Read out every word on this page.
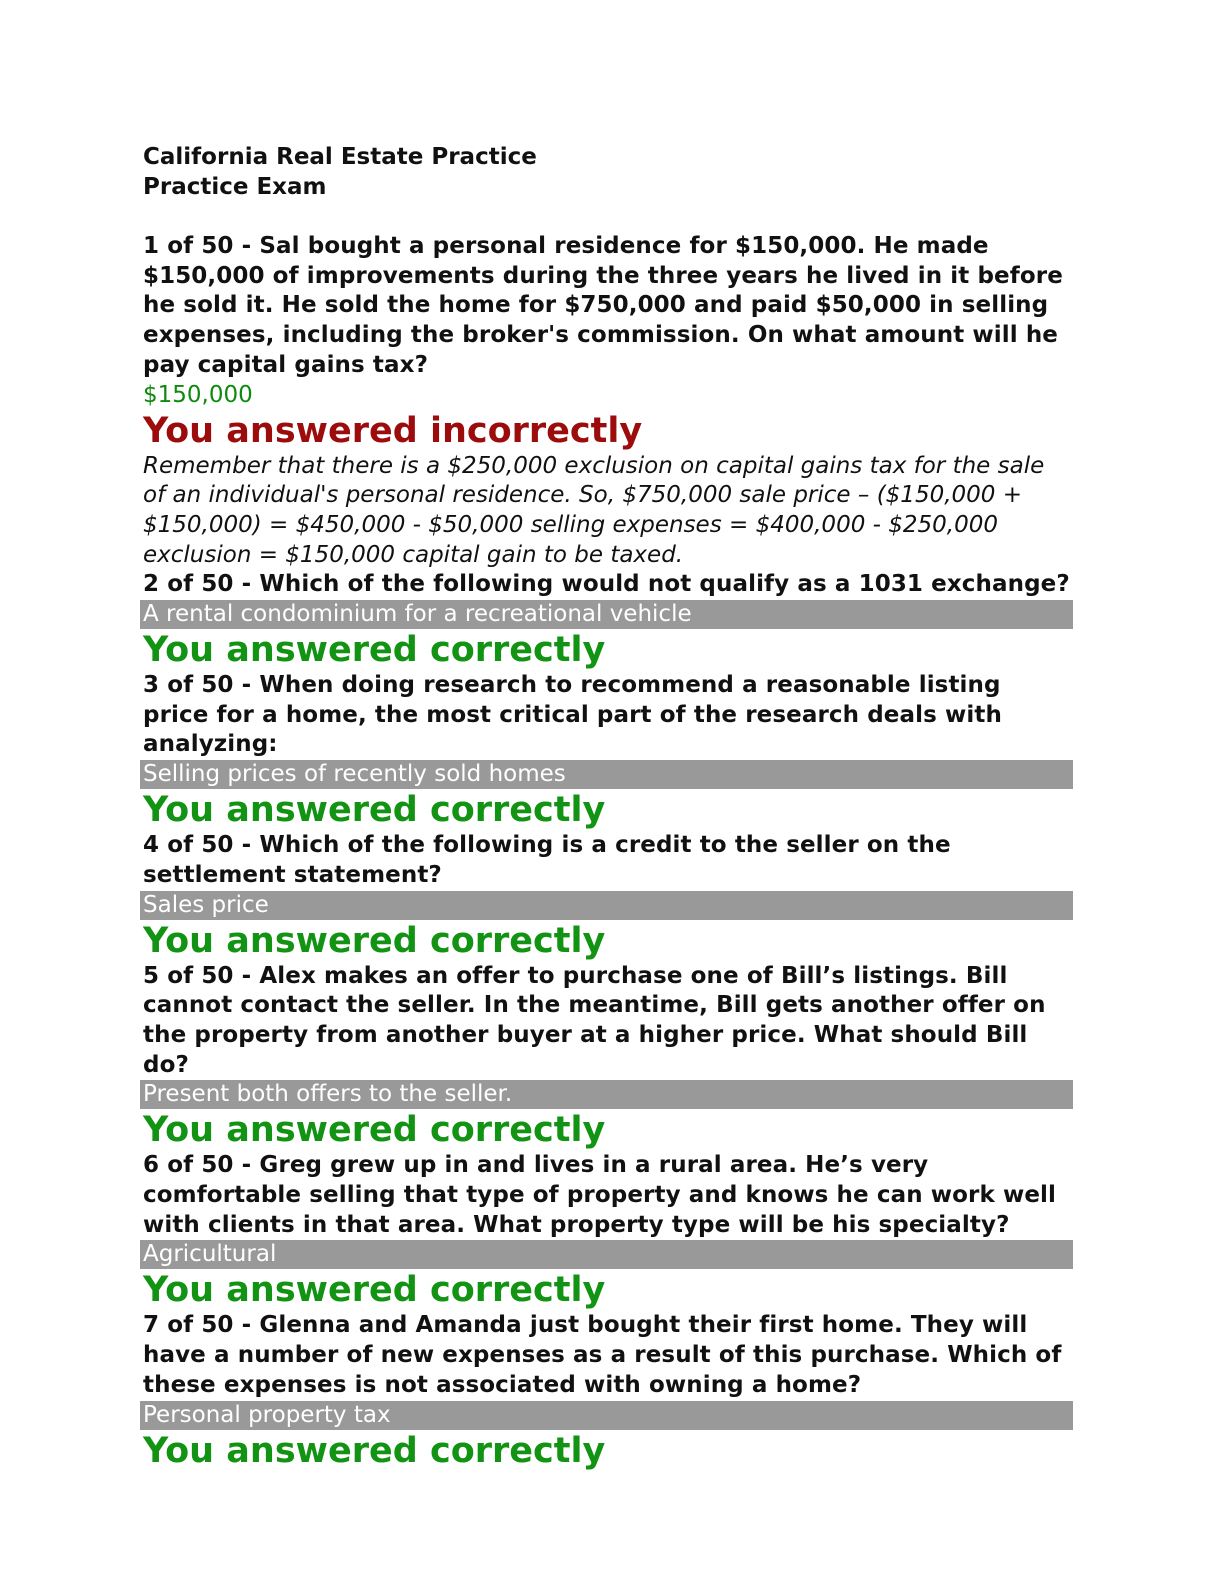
California Real Estate Practice

Practice Exam

1 of 50 - Sal bought a personal residence for $150,000. He made $150,000 of improvements during the three years he lived in it before he sold it. He sold the home for $750,000 and paid $50,000 in selling expenses, including the broker's commission. On what amount will he pay capital gains tax?

$150,000

You answered incorrectly

Remember that there is a $250,000 exclusion on capital gains tax for the sale of an individual's personal residence. So, $750,000 sale price – ($150,000 + $150,000) = $450,000 - $50,000 selling expenses = $400,000 - $250,000 exclusion = $150,000 capital gain to be taxed.

2 of 50 - Which of the following would not qualify as a 1031 exchange?

A rental condominium for a recreational vehicle

You answered correctly

3 of 50 - When doing research to recommend a reasonable listing price for a home, the most critical part of the research deals with analyzing:

Selling prices of recently sold homes

You answered correctly

4 of 50 - Which of the following is a credit to the seller on the settlement statement?

Sales price

You answered correctly

5 of 50 - Alex makes an offer to purchase one of Bill’s listings. Bill cannot contact the seller. In the meantime, Bill gets another offer on the property from another buyer at a higher price. What should Bill do?

Present both offers to the seller.

You answered correctly

6 of 50 - Greg grew up in and lives in a rural area. He’s very comfortable selling that type of property and knows he can work well with clients in that area. What property type will be his specialty?

Agricultural

You answered correctly

7 of 50 - Glenna and Amanda just bought their first home. They will have a number of new expenses as a result of this purchase. Which of these expenses is not associated with owning a home?

Personal property tax

You answered correctly
